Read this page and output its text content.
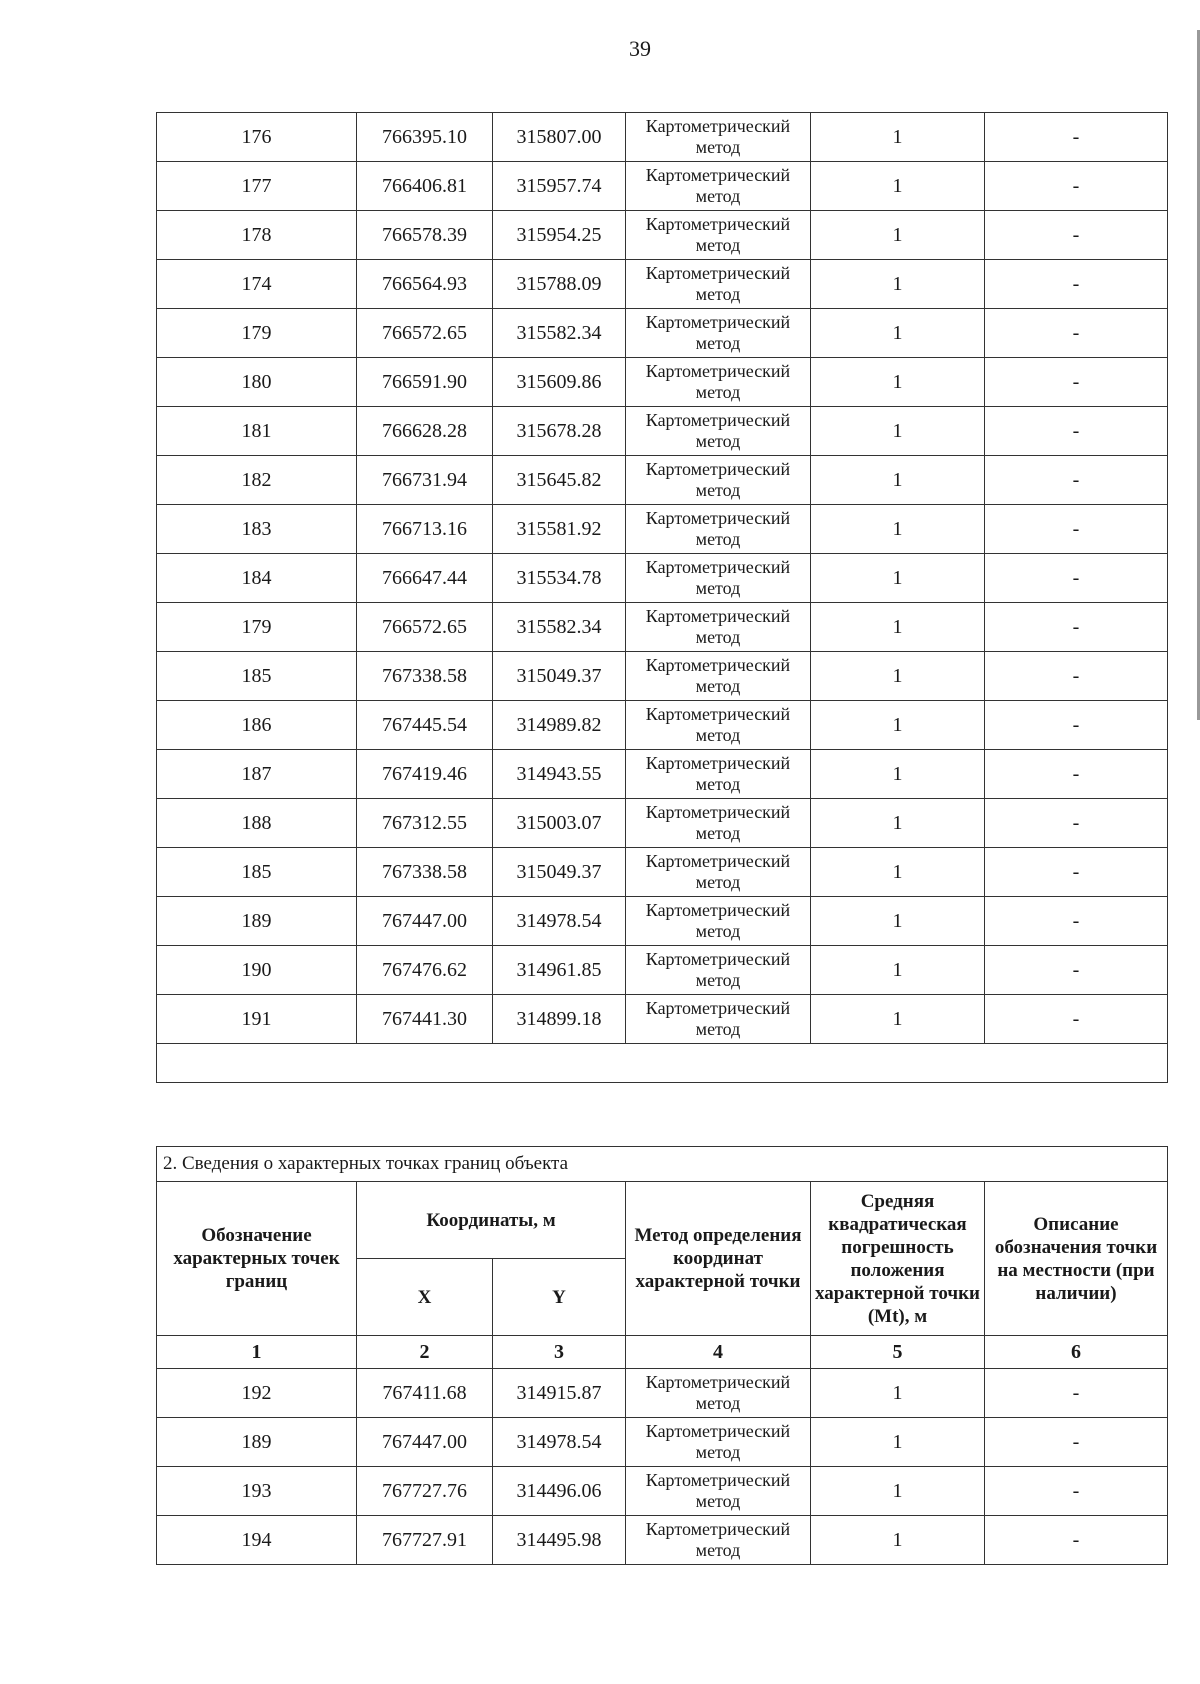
39
176	766395.10	315807.00	Картометрический метод	1	-
177	766406.81	315957.74	Картометрический метод	1	-
178	766578.39	315954.25	Картометрический метод	1	-
174	766564.93	315788.09	Картометрический метод	1	-
179	766572.65	315582.34	Картометрический метод	1	-
180	766591.90	315609.86	Картометрический метод	1	-
181	766628.28	315678.28	Картометрический метод	1	-
182	766731.94	315645.82	Картометрический метод	1	-
183	766713.16	315581.92	Картометрический метод	1	-
184	766647.44	315534.78	Картометрический метод	1	-
179	766572.65	315582.34	Картометрический метод	1	-
185	767338.58	315049.37	Картометрический метод	1	-
186	767445.54	314989.82	Картометрический метод	1	-
187	767419.46	314943.55	Картометрический метод	1	-
188	767312.55	315003.07	Картометрический метод	1	-
185	767338.58	315049.37	Картометрический метод	1	-
189	767447.00	314978.54	Картометрический метод	1	-
190	767476.62	314961.85	Картометрический метод	1	-
191	767441.30	314899.18	Картометрический метод	1	-

2. Сведения о характерных точках границ объекта					
Обозначение характерных точек границ	Координаты, м		Метод определения координат характерной точки	Средняя квадратическая погрешность положения характерной точки (Mt), м	Описание обозначения точки на местности (при наличии)
	X	Y			
1	2	3	4	5	6
192	767411.68	314915.87	Картометрический метод	1	-
189	767447.00	314978.54	Картометрический метод	1	-
193	767727.76	314496.06	Картометрический метод	1	-
194	767727.91	314495.98	Картометрический метод	1	-
